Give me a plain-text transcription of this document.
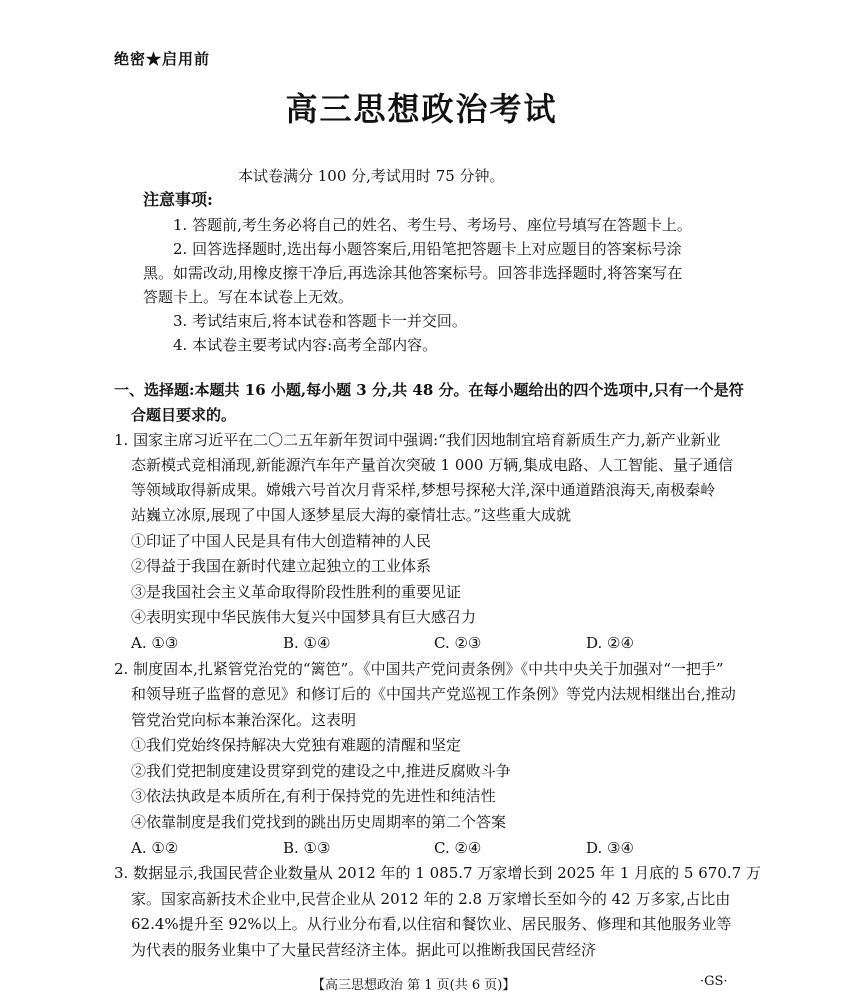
绝密★启用前
高三思想政治考试
本试卷满分 100 分,考试用时 75 分钟。
注意事项:
1. 答题前,考生务必将自己的姓名、考生号、考场号、座位号填写在答题卡上。
2. 回答选择题时,选出每小题答案后,用铅笔把答题卡上对应题目的答案标号涂
黑。如需改动,用橡皮擦干净后,再选涂其他答案标号。回答非选择题时,将答案写在
答题卡上。写在本试卷上无效。
3. 考试结束后,将本试卷和答题卡一并交回。
4. 本试卷主要考试内容:高考全部内容。
一、选择题:本题共 16 小题,每小题 3 分,共 48 分。在每小题给出的四个选项中,只有一个是符
合题目要求的。
1. 国家主席习近平在二〇二五年新年贺词中强调:“我们因地制宜培育新质生产力,新产业新业
态新模式竞相涌现,新能源汽车年产量首次突破 1 000 万辆,集成电路、人工智能、量子通信
等领域取得新成果。嫦娥六号首次月背采样,梦想号探秘大洋,深中通道踏浪海天,南极秦岭
站巍立冰原,展现了中国人逐梦星辰大海的豪情壮志。”这些重大成就
①印证了中国人民是具有伟大创造精神的人民
②得益于我国在新时代建立起独立的工业体系
③是我国社会主义革命取得阶段性胜利的重要见证
④表明实现中华民族伟大复兴中国梦具有巨大感召力
A. ①③	B. ①④	C. ②③	D. ②④
2. 制度固本,扎紧管党治党的“篱笆”。《中国共产党问责条例》《中共中央关于加强对“一把手”
和领导班子监督的意见》和修订后的《中国共产党巡视工作条例》等党内法规相继出台,推动
管党治党向标本兼治深化。这表明
①我们党始终保持解决大党独有难题的清醒和坚定
②我们党把制度建设贯穿到党的建设之中,推进反腐败斗争
③依法执政是本质所在,有利于保持党的先进性和纯洁性
④依靠制度是我们党找到的跳出历史周期率的第二个答案
A. ①②	B. ①③	C. ②④	D. ③④
3. 数据显示,我国民营企业数量从 2012 年的 1 085.7 万家增长到 2025 年 1 月底的 5 670.7 万
家。国家高新技术企业中,民营企业从 2012 年的 2.8 万家增长至如今的 42 万多家,占比由
62.4%提升至 92%以上。从行业分布看,以住宿和餐饮业、居民服务、修理和其他服务业等
为代表的服务业集中了大量民营经济主体。据此可以推断我国民营经济
【高三思想政治 第 1 页(共 6 页)】	·GS·
